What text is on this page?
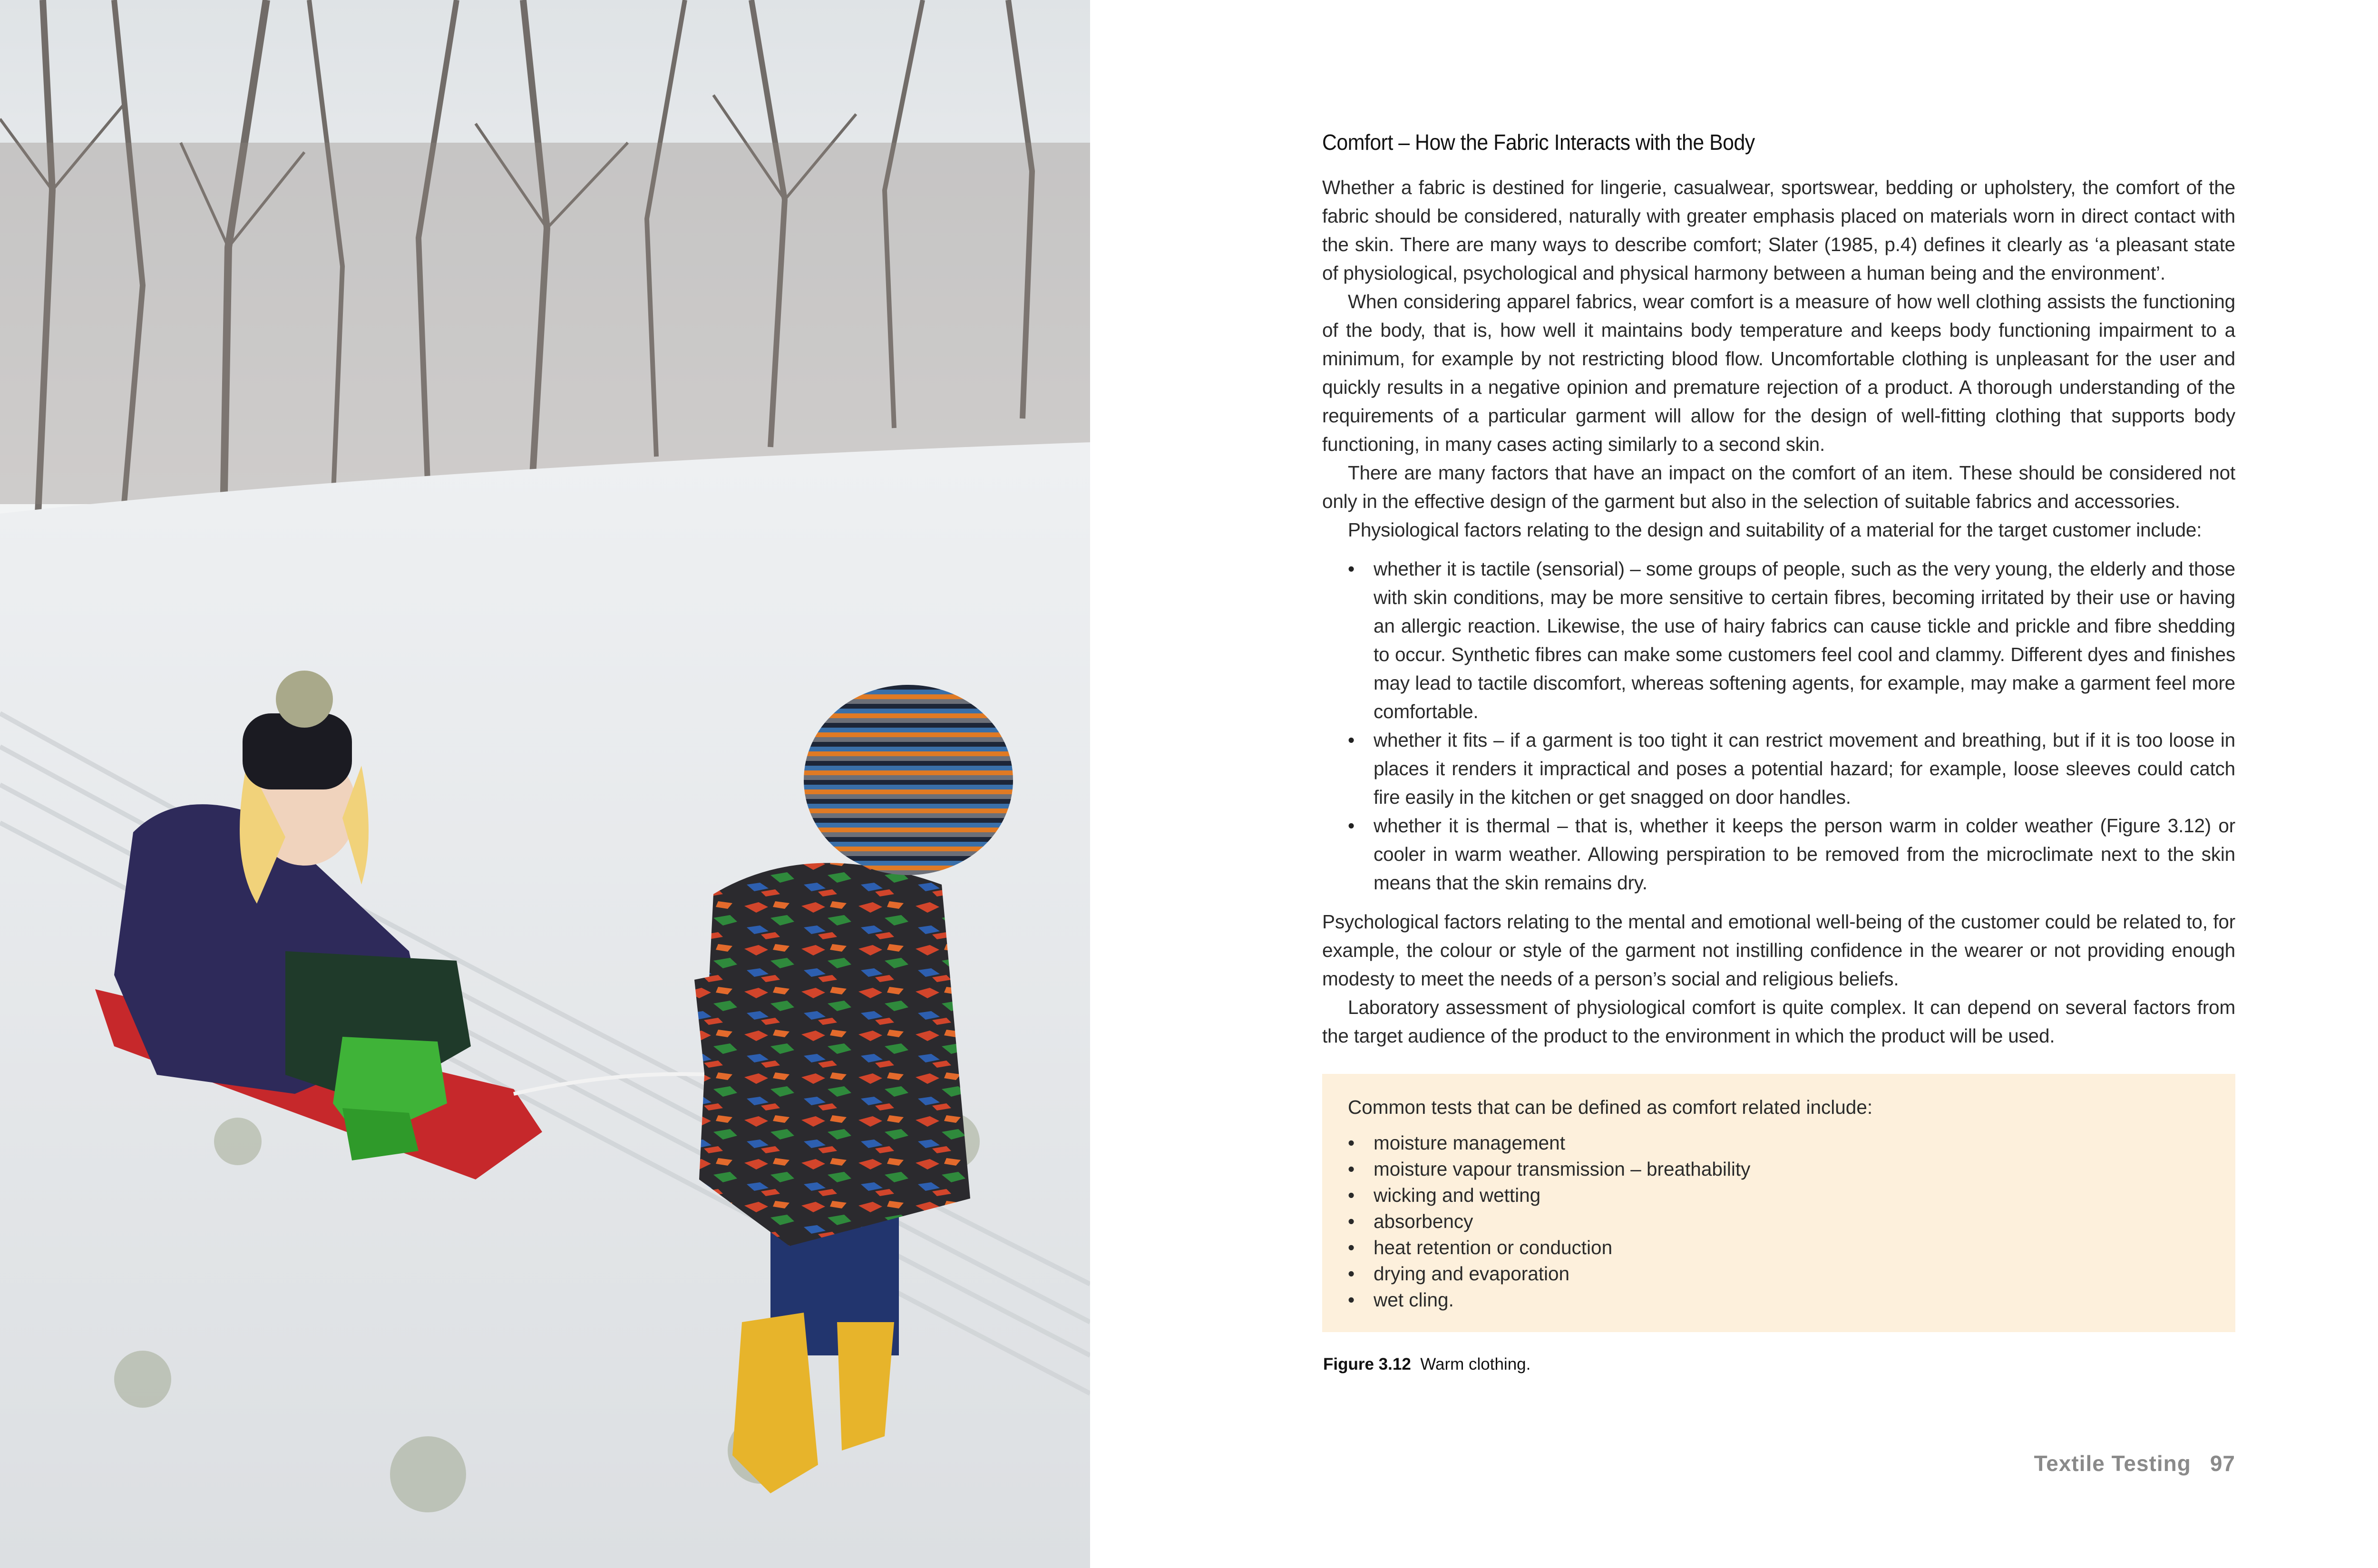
Comfort – How the Fabric Interacts with the Body

Whether a fabric is destined for lingerie, casualwear, sportswear, bedding or upholstery, the comfort of the fabric should be considered, naturally with greater emphasis placed on materials worn in direct contact with the skin. There are many ways to describe comfort; Slater (1985, p.4) defines it clearly as ‘a pleasant state of physiological, psychological and physical harmony between a human being and the environment’.

When considering apparel fabrics, wear comfort is a measure of how well clothing assists the functioning of the body, that is, how well it maintains body temperature and keeps body functioning impairment to a minimum, for example by not restricting blood flow. Uncomfortable clothing is unpleasant for the user and quickly results in a negative opinion and premature rejection of a product. A thorough understanding of the requirements of a particular garment will allow for the design of well-fitting clothing that supports body functioning, in many cases acting similarly to a second skin.

There are many factors that have an impact on the comfort of an item. These should be considered not only in the effective design of the garment but also in the selection of suitable fabrics and accessories.

Physiological factors relating to the design and suitability of a material for the target customer include:

• whether it is tactile (sensorial) – some groups of people, such as the very young, the elderly and those with skin conditions, may be more sensitive to certain fibres, becoming irritated by their use or having an allergic reaction. Likewise, the use of hairy fabrics can cause tickle and prickle and fibre shedding to occur. Synthetic fibres can make some customers feel cool and clammy. Different dyes and finishes may lead to tactile discomfort, whereas softening agents, for example, may make a garment feel more comfortable.
• whether it fits – if a garment is too tight it can restrict movement and breathing, but if it is too loose in places it renders it impractical and poses a potential hazard; for example, loose sleeves could catch fire easily in the kitchen or get snagged on door handles.
• whether it is thermal – that is, whether it keeps the person warm in colder weather (Figure 3.12) or cooler in warm weather. Allowing perspiration to be removed from the microclimate next to the skin means that the skin remains dry.

Psychological factors relating to the mental and emotional well-being of the customer could be related to, for example, the colour or style of the garment not instilling confidence in the wearer or not providing enough modesty to meet the needs of a person’s social and religious beliefs.

Laboratory assessment of physiological comfort is quite complex. It can depend on several factors from the target audience of the product to the environment in which the product will be used.

Common tests that can be defined as comfort related include:

• moisture management
• moisture vapour transmission – breathability
• wicking and wetting
• absorbency
• heat retention or conduction
• drying and evaporation
• wet cling.

Figure 3.12 Warm clothing.

Textile Testing 97
